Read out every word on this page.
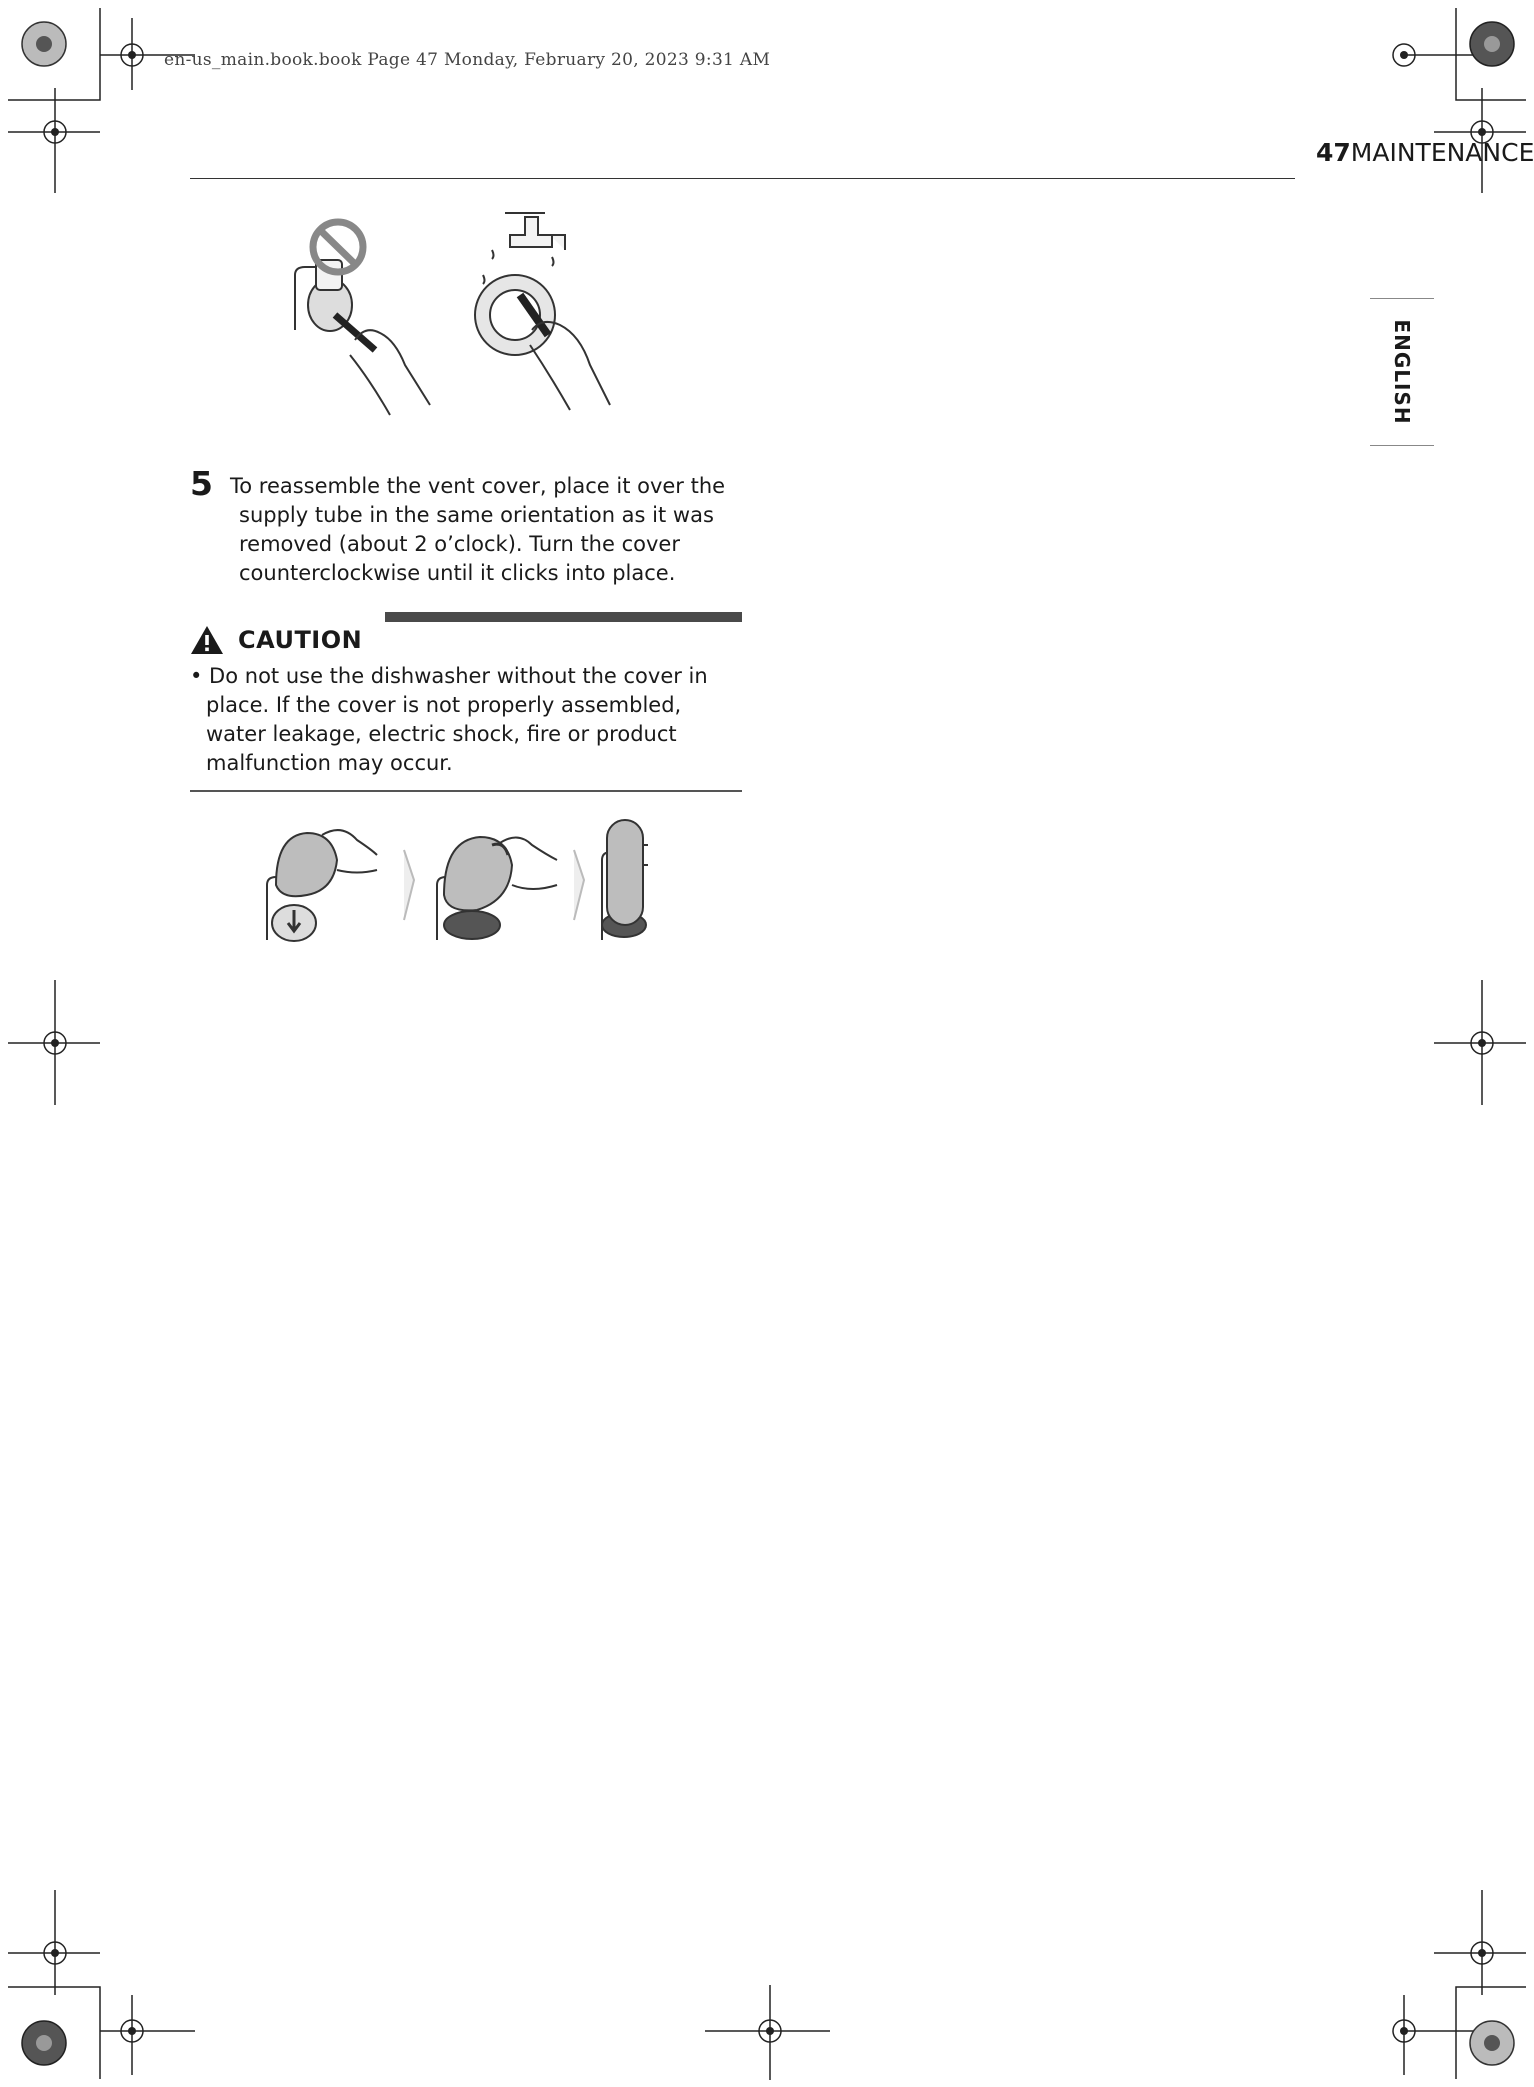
en-us_main.book.book Page 47 Monday, February 20, 2023 9:31 AM
47MAINTENANCE
ENGLISH
5 To reassemble the vent cover, place it over the supply tube in the same orientation as it was removed (about 2 o’clock). Turn the cover counterclockwise until it clicks into place.
CAUTION
• Do not use the dishwasher without the cover in place. If the cover is not properly assembled, water leakage, electric shock, fire or product malfunction may occur.
